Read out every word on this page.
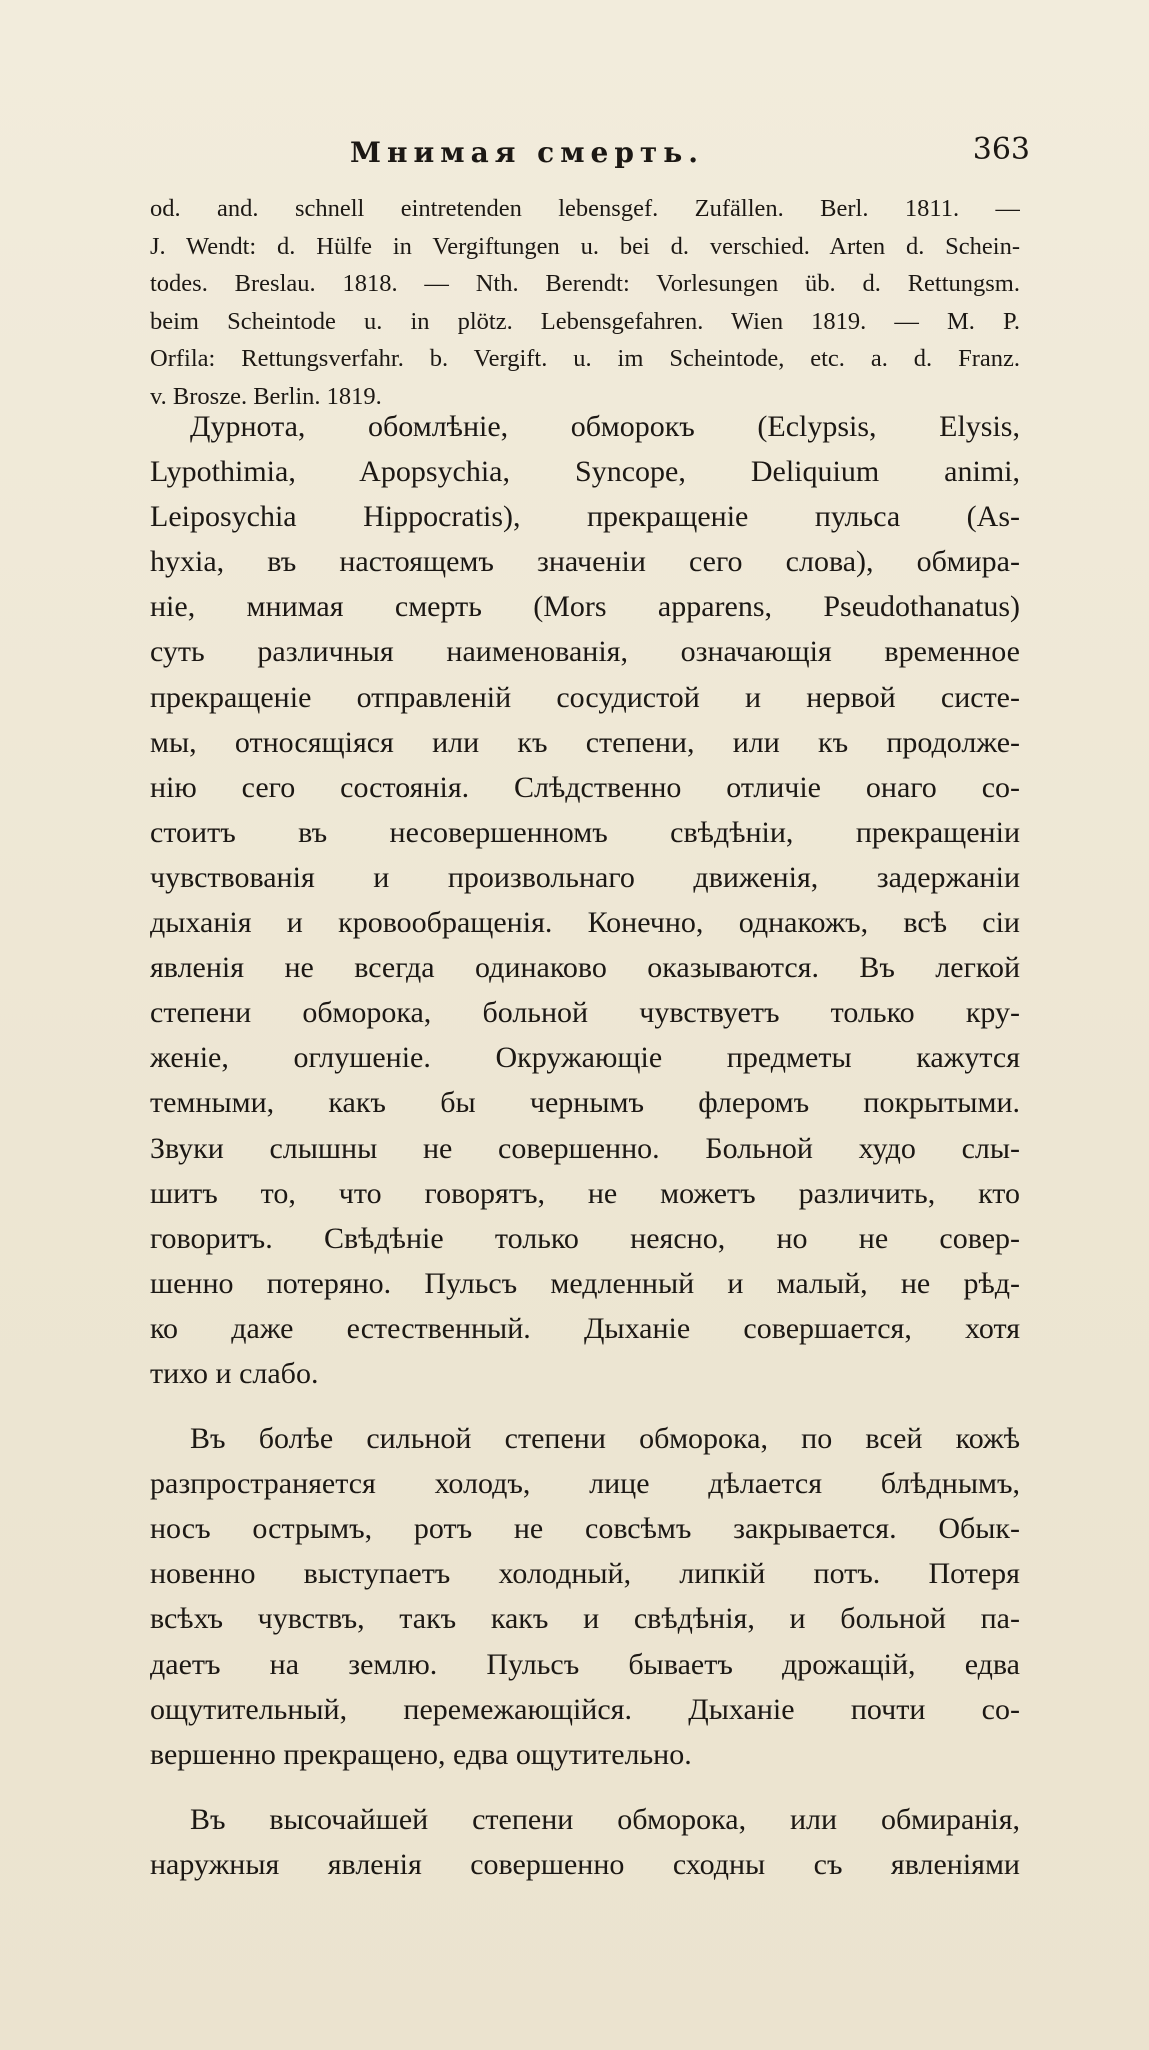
Мнимая смерть.	363
od. and. schnell eintretenden lebensgef. Zufällen. Berl. 1811. —
J. Wendt: d. Hülfe in Vergiftungen u. bei d. verschied. Arten d. Schein-
todes. Breslau. 1818. — Nth. Berendt: Vorlesungen üb. d. Rettungsm.
beim Scheintode u. in plötz. Lebensgefahren. Wien 1819. — M. P.
Orfila: Rettungsverfahr. b. Vergift. u. im Scheintode, etc. a. d. Franz.
v. Brosze. Berlin. 1819.
Дурнота, обомлѣніе, обморокъ (Eclypsis, Elysis,
Lypothimia, Apopsychia, Syncope, Deliquium animi,
Leiposychia Hippocratis), прекращеніе пульса (As-
hyxia, въ настоящемъ значеніи сего слова), обмира-
ніе, мнимая смерть (Mors apparens, Pseudothanatus)
суть различныя наименованія, означающія временное
прекращеніе отправленій сосудистой и нервой систе-
мы, относящіяся или къ степени, или къ продолже-
нію сего состоянія. Слѣдственно отличіе онаго со-
стоитъ въ несовершенномъ свѣдѣніи, прекращеніи
чувствованія и произвольнаго движенія, задержаніи
дыханія и кровообращенія. Конечно, однакожъ, всѣ сіи
явленія не всегда одинаково оказываются. Въ легкой
степени обморока, больной чувствуетъ только кру-
женіе, оглушеніе. Окружающіе предметы кажутся
темными, какъ бы чернымъ флеромъ покрытыми.
Звуки слышны не совершенно. Больной худо слы-
шитъ то, что говорятъ, не можетъ различить, кто
говоритъ. Свѣдѣніе только неясно, но не совер-
шенно потеряно. Пульсъ медленный и малый, не рѣд-
ко даже естественный. Дыханіе совершается, хотя
тихо и слабо.
Въ болѣе сильной степени обморока, по всей кожѣ
разпространяется холодъ, лице дѣлается блѣднымъ,
носъ острымъ, ротъ не совсѣмъ закрывается. Обык-
новенно выступаетъ холодный, липкій потъ. Потеря
всѣхъ чувствъ, такъ какъ и свѣдѣнія, и больной па-
даетъ на землю. Пульсъ бываетъ дрожащій, едва
ощутительный, перемежающійся. Дыханіе почти со-
вершенно прекращено, едва ощутительно.
Въ высочайшей степени обморока, или обмиранія,
наружныя явленія совершенно сходны съ явленіями
